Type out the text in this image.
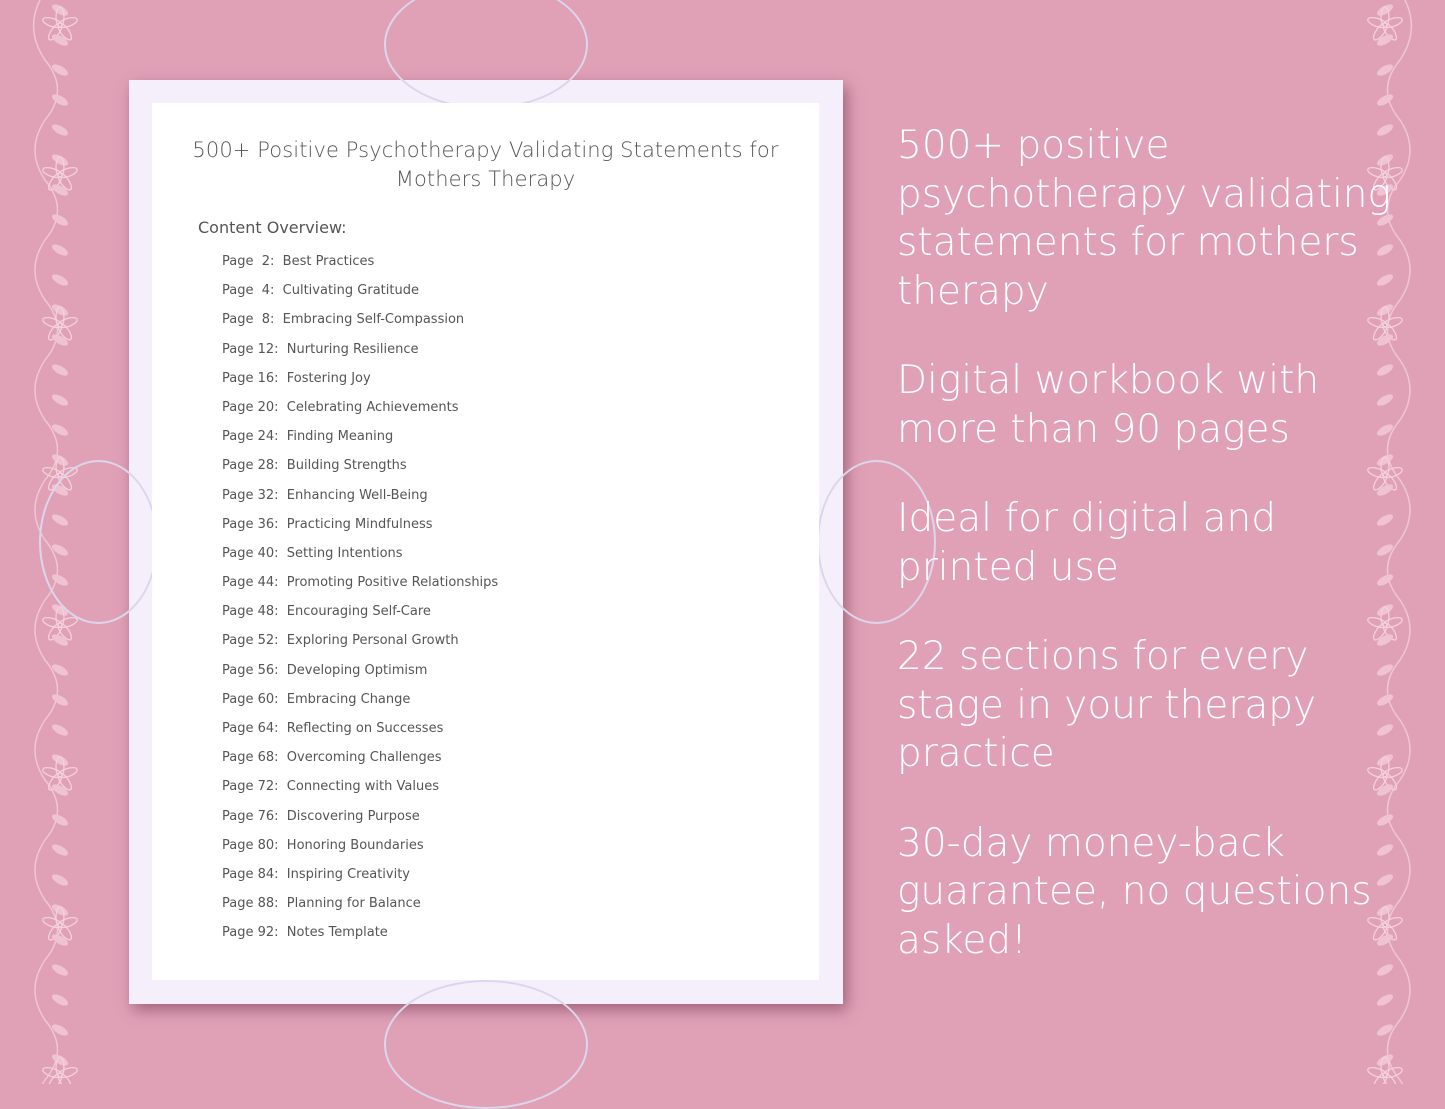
500+ Positive Psychotherapy Validating Statements for Mothers Therapy
Content Overview:
Page  2: Best Practices
Page  4: Cultivating Gratitude
Page  8: Embracing Self-Compassion
Page 12: Nurturing Resilience
Page 16: Fostering Joy
Page 20: Celebrating Achievements
Page 24: Finding Meaning
Page 28: Building Strengths
Page 32: Enhancing Well-Being
Page 36: Practicing Mindfulness
Page 40: Setting Intentions
Page 44: Promoting Positive Relationships
Page 48: Encouraging Self-Care
Page 52: Exploring Personal Growth
Page 56: Developing Optimism
Page 60: Embracing Change
Page 64: Reflecting on Successes
Page 68: Overcoming Challenges
Page 72: Connecting with Values
Page 76: Discovering Purpose
Page 80: Honoring Boundaries
Page 84: Inspiring Creativity
Page 88: Planning for Balance
Page 92: Notes Template
500+ positive psychotherapy validating statements for mothers therapy
Digital workbook with more than 90 pages
Ideal for digital and printed use
22 sections for every stage in your therapy practice
30-day money-back guarantee, no questions asked!
